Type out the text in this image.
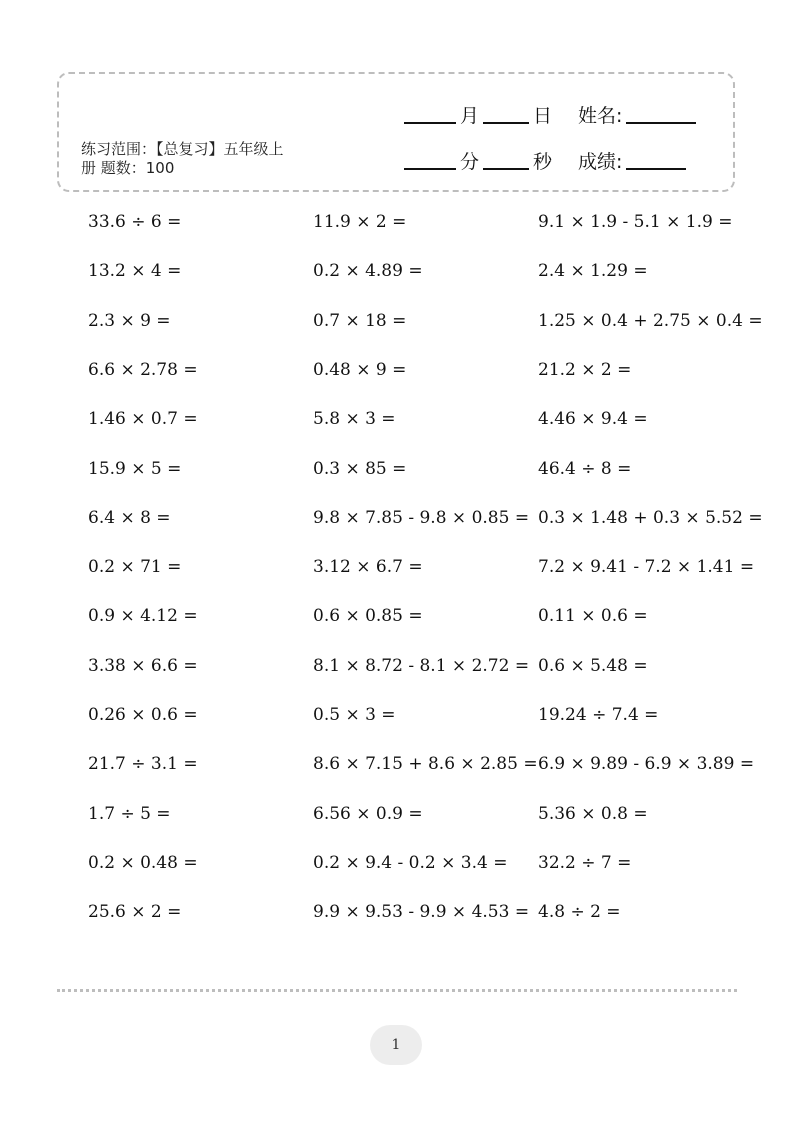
月	日 姓名:
分	秒 成绩:
练习范围：【总复习】五年级上
册 题数：100
33.6 ÷ 6 =	11.9 × 2 =	9.1 × 1.9 - 5.1 × 1.9 =
13.2 × 4 =	0.2 × 4.89 =	2.4 × 1.29 =
2.3 × 9 =	0.7 × 18 =	1.25 × 0.4 + 2.75 × 0.4 =
6.6 × 2.78 =	0.48 × 9 =	21.2 × 2 =
1.46 × 0.7 =	5.8 × 3 =	4.46 × 9.4 =
15.9 × 5 =	0.3 × 85 =	46.4 ÷ 8 =
6.4 × 8 =	9.8 × 7.85 - 9.8 × 0.85 = 0.3 × 1.48 + 0.3 × 5.52 =
0.2 × 71 =	3.12 × 6.7 =	7.2 × 9.41 - 7.2 × 1.41 =
0.9 × 4.12 =	0.6 × 0.85 =	0.11 × 0.6 =
3.38 × 6.6 =	8.1 × 8.72 - 8.1 × 2.72 = 0.6 × 5.48 =
0.26 × 0.6 =	0.5 × 3 =	19.24 ÷ 7.4 =
21.7 ÷ 3.1 =	8.6 × 7.15 + 8.6 × 2.85 = 6.9 × 9.89 - 6.9 × 3.89 =
1.7 ÷ 5 =	6.56 × 0.9 =	5.36 × 0.8 =
0.2 × 0.48 =	0.2 × 9.4 - 0.2 × 3.4 = 32.2 ÷ 7 =
25.6 × 2 =	9.9 × 9.53 - 9.9 × 4.53 = 4.8 ÷ 2 =
1
